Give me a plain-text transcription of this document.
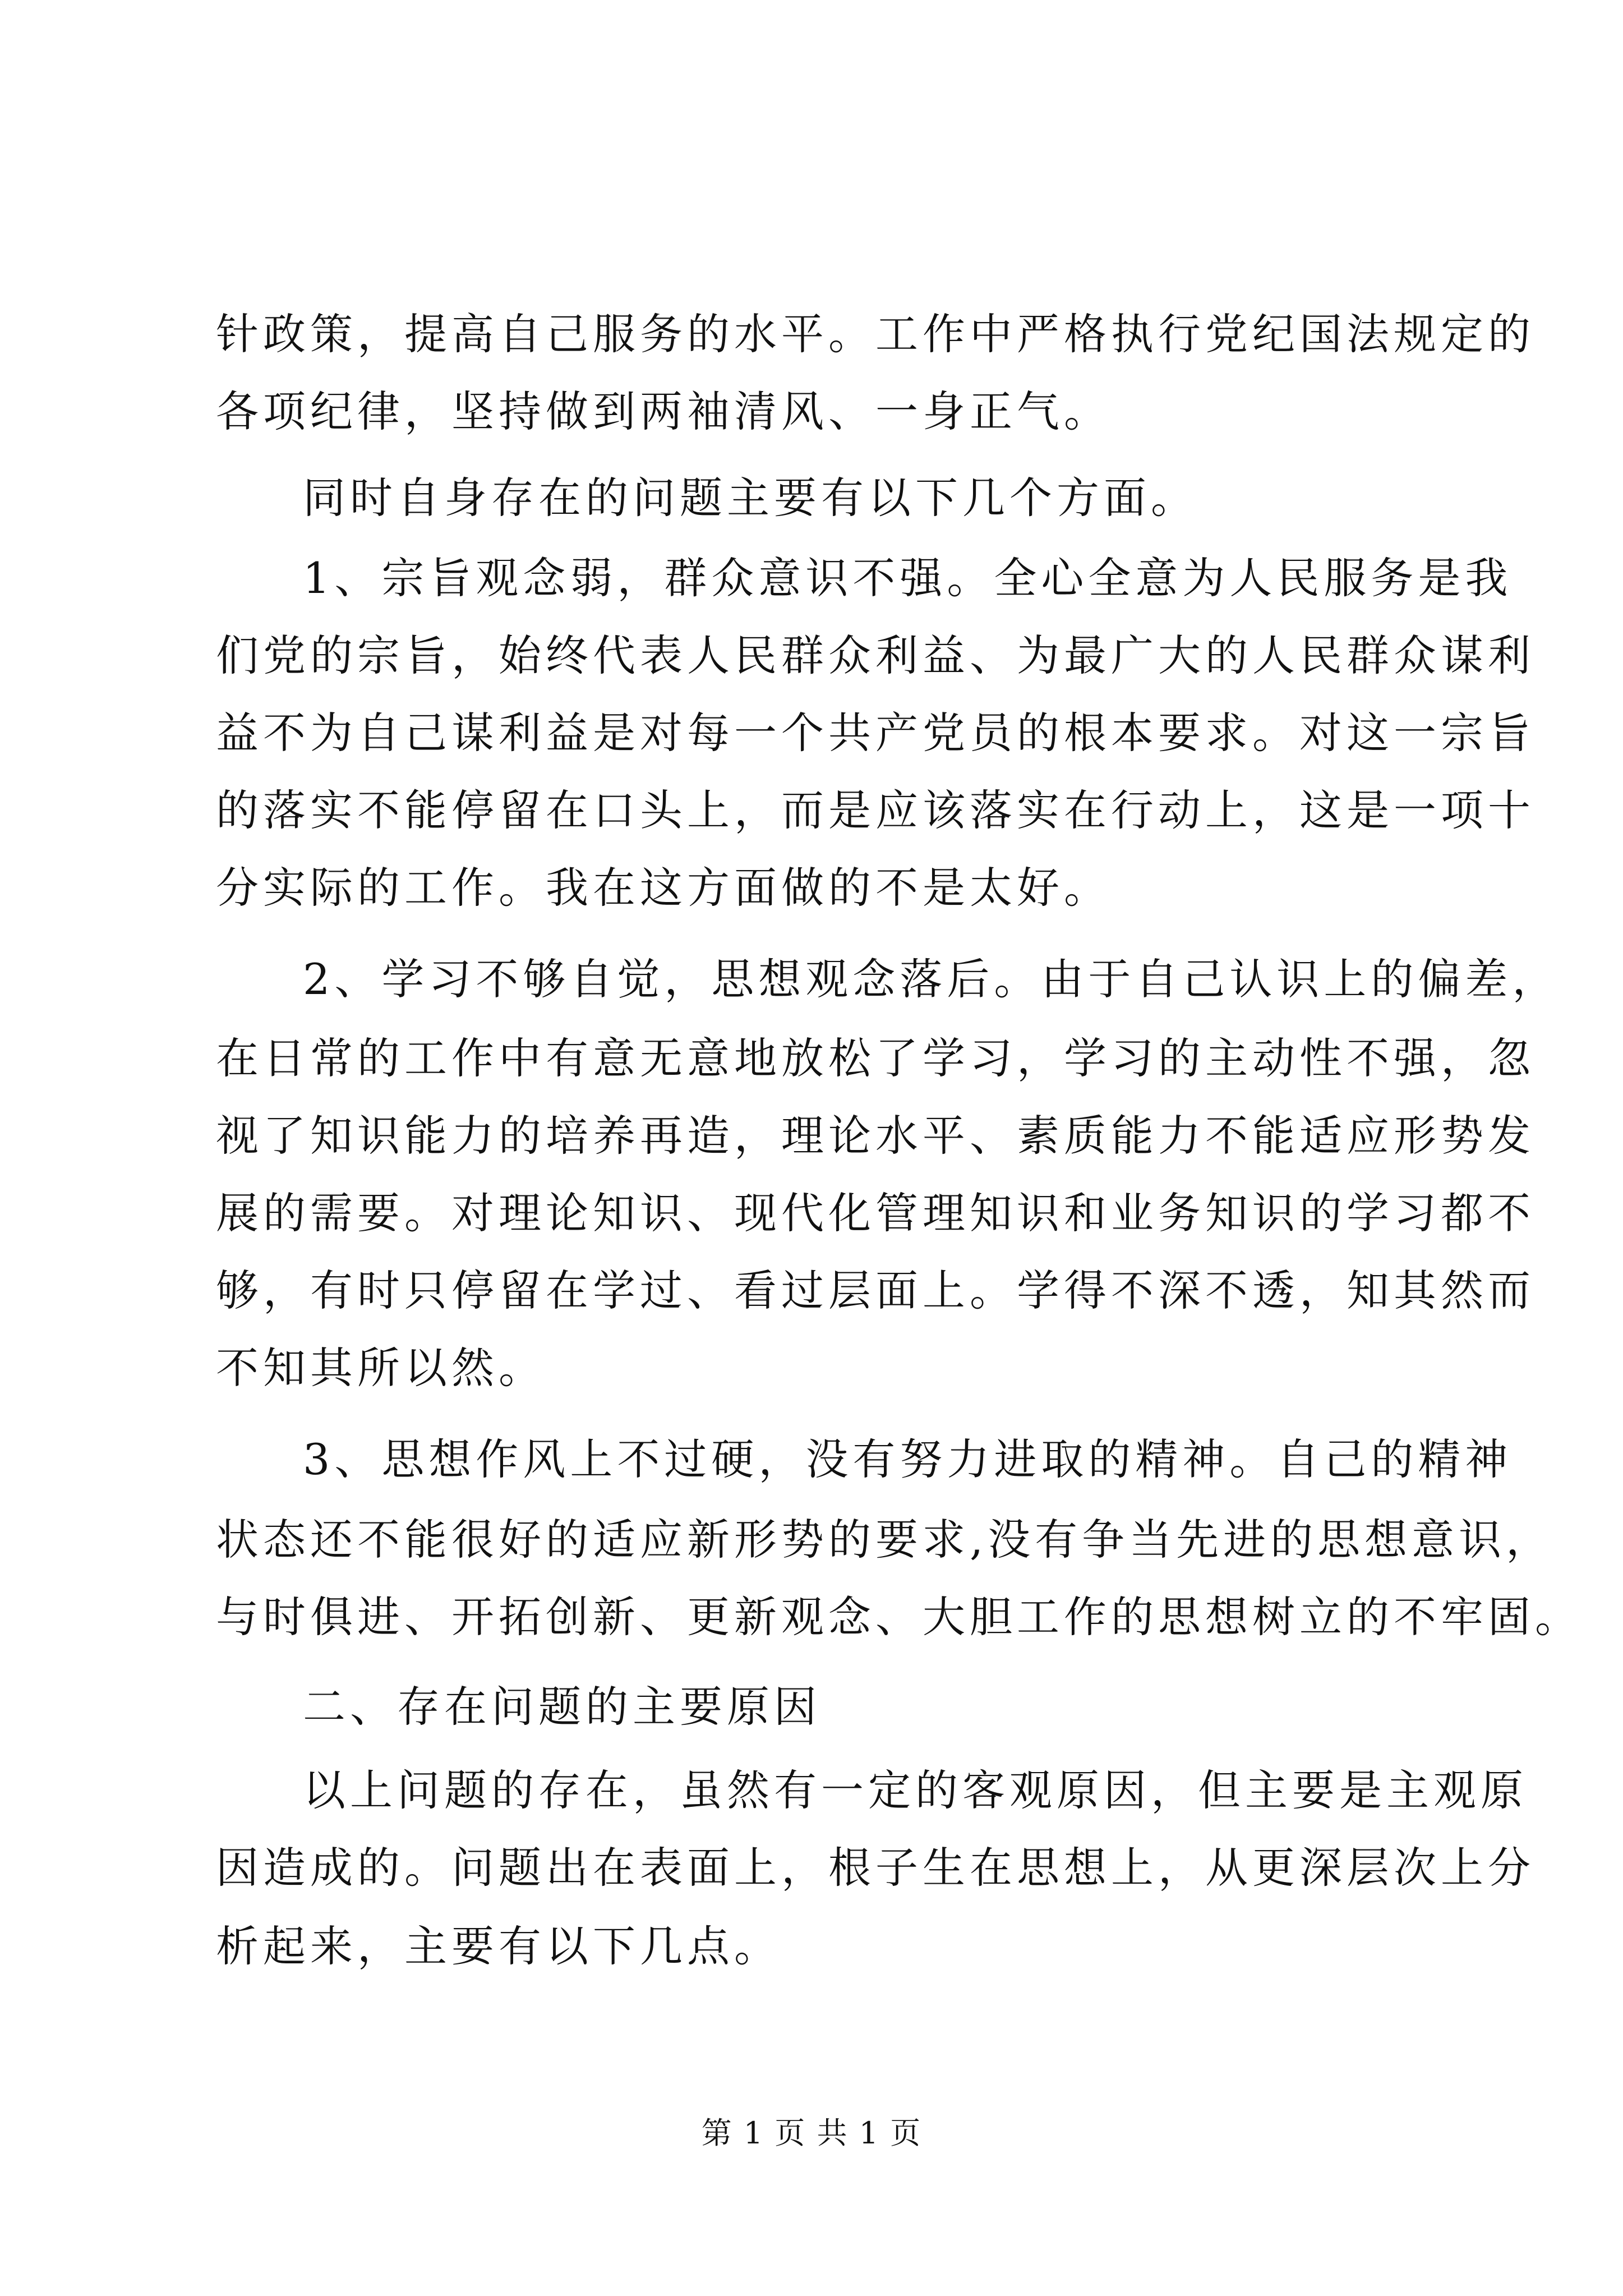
针政策，提高自己服务的水平。工作中严格执行党纪国法规定的
各项纪律，坚持做到两袖清风、一身正气。
同时自身存在的问题主要有以下几个方面。
1、宗旨观念弱，群众意识不强。全心全意为人民服务是我
们党的宗旨，始终代表人民群众利益、为最广大的人民群众谋利
益不为自己谋利益是对每一个共产党员的根本要求。对这一宗旨
的落实不能停留在口头上，而是应该落实在行动上，这是一项十
分实际的工作。我在这方面做的不是太好。
2、学习不够自觉，思想观念落后。由于自己认识上的偏差，
在日常的工作中有意无意地放松了学习，学习的主动性不强，忽
视了知识能力的培养再造，理论水平、素质能力不能适应形势发
展的需要。对理论知识、现代化管理知识和业务知识的学习都不
够，有时只停留在学过、看过层面上。学得不深不透，知其然而
不知其所以然。
3、思想作风上不过硬，没有努力进取的精神。自己的精神
状态还不能很好的适应新形势的要求,没有争当先进的思想意识，
与时俱进、开拓创新、更新观念、大胆工作的思想树立的不牢固。
二、存在问题的主要原因
以上问题的存在，虽然有一定的客观原因，但主要是主观原
因造成的。问题出在表面上，根子生在思想上，从更深层次上分
析起来，主要有以下几点。
第 1 页 共 1 页
